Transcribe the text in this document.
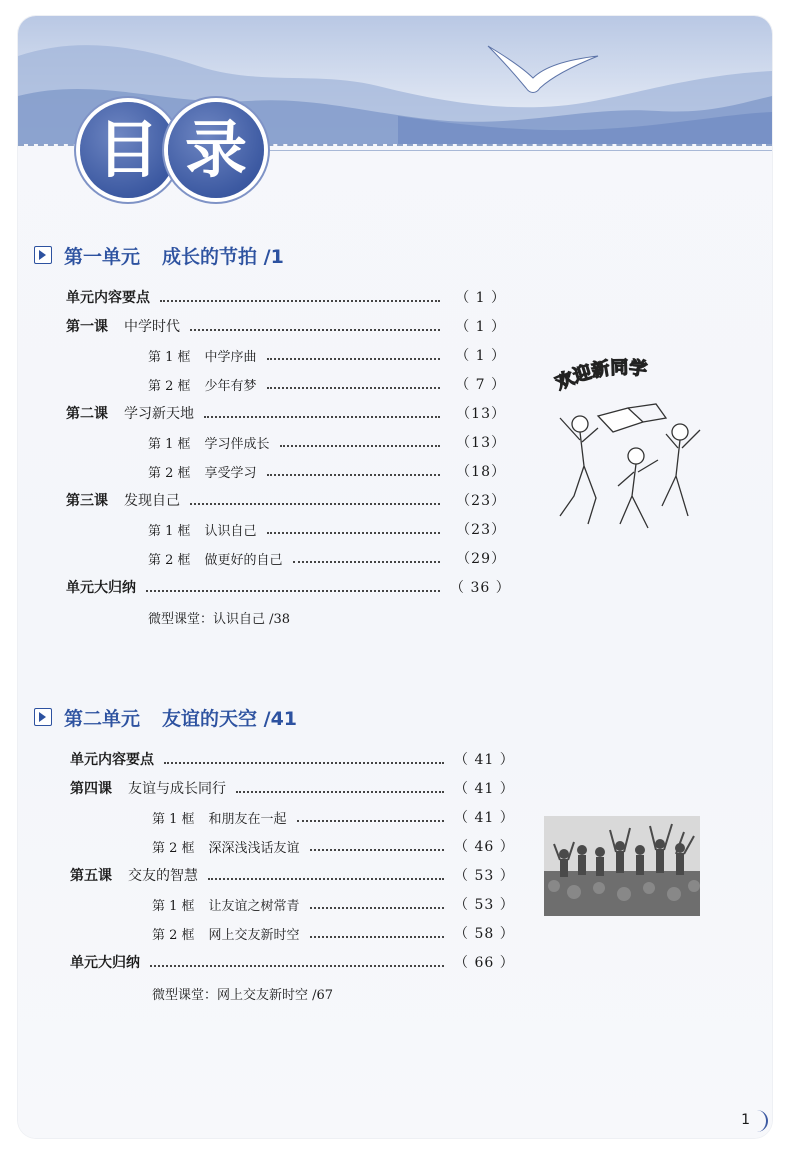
目 录
第一单元 成长的节拍 /1
单元内容要点	（ 1 ）
第一课 中学时代	（ 1 ）
第 1 框 中学序曲	（ 1 ）
第 2 框 少年有梦	（ 7 ）
第二课 学习新天地	（13）
第 1 框 学习伴成长	（13）
第 2 框 享受学习	（18）
第三课 发现自己	（23）
第 1 框 认识自己	（23）
第 2 框 做更好的自己	（29）
单元大归纳	（ 36 ）
微型课堂：认识自己 /38
欢迎新同学
第二单元 友谊的天空 /41
单元内容要点	（ 41 ）
第四课 友谊与成长同行	（ 41 ）
第 1 框 和朋友在一起	（ 41 ）
第 2 框 深深浅浅话友谊	（ 46 ）
第五课 交友的智慧	（ 53 ）
第 1 框 让友谊之树常青	（ 53 ）
第 2 框 网上交友新时空	（ 58 ）
单元大归纳	（ 66 ）
微型课堂：网上交友新时空 /67
1
